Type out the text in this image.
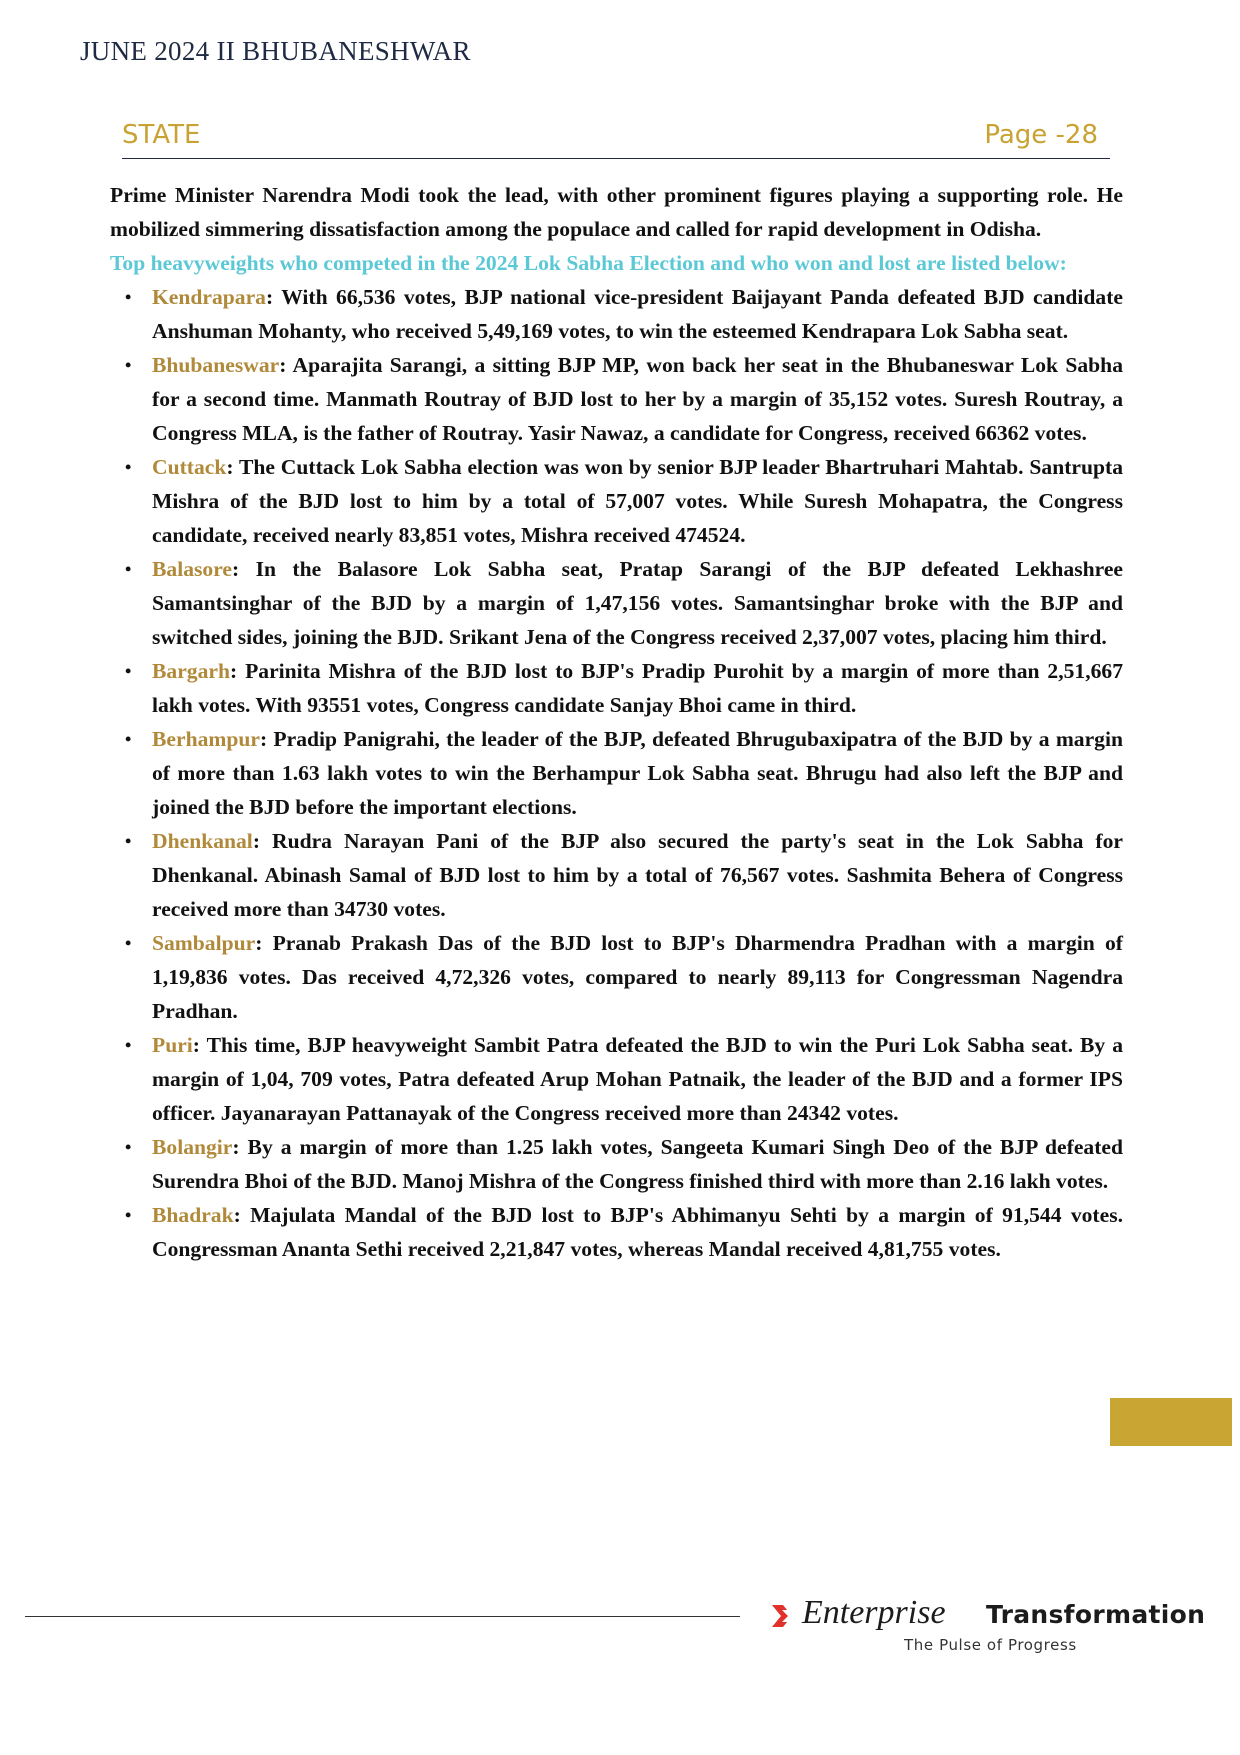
JUNE 2024 II BHUBANESHWAR
STATE	Page -28

Prime Minister Narendra Modi took the lead, with other prominent figures playing a supporting role. He mobilized simmering dissatisfaction among the populace and called for rapid development in Odisha.

Top heavyweights who competed in the 2024 Lok Sabha Election and who won and lost are listed below:

• Kendrapara: With 66,536 votes, BJP national vice-president Baijayant Panda defeated BJD candidate Anshuman Mohanty, who received 5,49,169 votes, to win the esteemed Kendrapara Lok Sabha seat.
• Bhubaneswar: Aparajita Sarangi, a sitting BJP MP, won back her seat in the Bhubaneswar Lok Sabha for a second time. Manmath Routray of BJD lost to her by a margin of 35,152 votes. Suresh Routray, a Congress MLA, is the father of Routray. Yasir Nawaz, a candidate for Congress, received 66362 votes.
• Cuttack: The Cuttack Lok Sabha election was won by senior BJP leader Bhartruhari Mahtab. Santrupta Mishra of the BJD lost to him by a total of 57,007 votes. While Suresh Mohapatra, the Congress candidate, received nearly 83,851 votes, Mishra received 474524.
• Balasore: In the Balasore Lok Sabha seat, Pratap Sarangi of the BJP defeated Lekhashree Samantsinghar of the BJD by a margin of 1,47,156 votes. Samantsinghar broke with the BJP and switched sides, joining the BJD. Srikant Jena of the Congress received 2,37,007 votes, placing him third.
• Bargarh: Parinita Mishra of the BJD lost to BJP's Pradip Purohit by a margin of more than 2,51,667 lakh votes. With 93551 votes, Congress candidate Sanjay Bhoi came in third.
• Berhampur: Pradip Panigrahi, the leader of the BJP, defeated Bhrugubaxipatra of the BJD by a margin of more than 1.63 lakh votes to win the Berhampur Lok Sabha seat. Bhrugu had also left the BJP and joined the BJD before the important elections.
• Dhenkanal: Rudra Narayan Pani of the BJP also secured the party's seat in the Lok Sabha for Dhenkanal. Abinash Samal of BJD lost to him by a total of 76,567 votes. Sashmita Behera of Congress received more than 34730 votes.
• Sambalpur: Pranab Prakash Das of the BJD lost to BJP's Dharmendra Pradhan with a margin of 1,19,836 votes. Das received 4,72,326 votes, compared to nearly 89,113 for Congressman Nagendra Pradhan.
• Puri: This time, BJP heavyweight Sambit Patra defeated the BJD to win the Puri Lok Sabha seat. By a margin of 1,04, 709 votes, Patra defeated Arup Mohan Patnaik, the leader of the BJD and a former IPS officer. Jayanarayan Pattanayak of the Congress received more than 24342 votes.
• Bolangir: By a margin of more than 1.25 lakh votes, Sangeeta Kumari Singh Deo of the BJP defeated Surendra Bhoi of the BJD. Manoj Mishra of the Congress finished third with more than 2.16 lakh votes.
• Bhadrak: Majulata Mandal of the BJD lost to BJP's Abhimanyu Sehti by a margin of 91,544 votes. Congressman Ananta Sethi received 2,21,847 votes, whereas Mandal received 4,81,755 votes.
Enterprise Transformation
The Pulse of Progress
